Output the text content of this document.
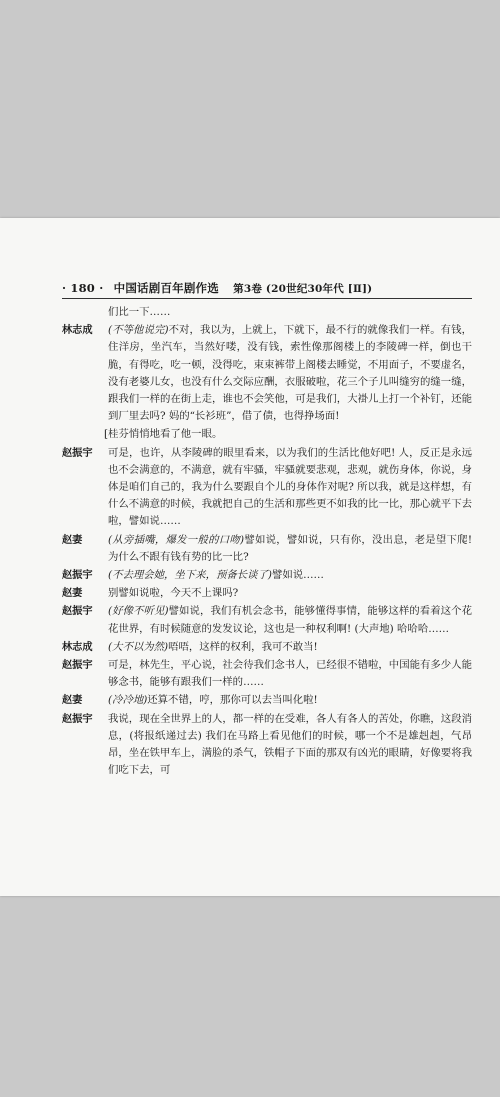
· 180 · 中国话剧百年剧作选 第3卷 (20世纪30年代 [Ⅱ])
们比一下……
林志成	(不等他说完)不对，我以为，上就上，下就下，最不行的就像我们一样。有钱，住洋房，坐汽车，当然好喽，没有钱，索性像那阁楼上的李陵碑一样，倒也干脆，有得吃，吃一顿，没得吃，束束裤带上阁楼去睡觉，不用面子，不要虚名，没有老婆儿女，也没有什么交际应酬，衣服破啦，花三个子儿叫缝穷的缝一缝，跟我们一样的在街上走，谁也不会笑他，可是我们，大褂儿上打一个补钉，还能到厂里去吗? 妈的“长衫班”，借了债，也得挣场面!
[桂芬悄悄地看了他一眼。
赵振宇	可是，也许，从李陵碑的眼里看来，以为我们的生活比他好吧! 人，反正是永远也不会满意的，不满意，就有牢骚，牢骚就要悲观，悲观，就伤身体，你说，身体是咱们自己的，我为什么要跟自个儿的身体作对呢? 所以我，就是这样想，有什么不满意的时候，我就把自己的生活和那些更不如我的比一比，那心就平下去啦，譬如说……
赵妻	(从旁插嘴，爆发一般的口吻)譬如说，譬如说，只有你，没出息，老是望下爬! 为什么不跟有钱有势的比一比?
赵振宇	(不去理会她，坐下来，预备长谈了)譬如说……
赵妻	别譬如说啦，今天不上课吗?
赵振宇	(好像不听见)譬如说，我们有机会念书，能够懂得事情，能够这样的看着这个花花世界，有时候随意的发发议论，这也是一种权利啊! (大声地) 哈哈哈……
林志成	(大不以为然)唔唔，这样的权利，我可不敢当!
赵振宇	可是，林先生，平心说，社会待我们念书人，已经很不错啦，中国能有多少人能够念书，能够有跟我们一样的……
赵妻	(冷冷地)还算不错，哼，那你可以去当叫化啦!
赵振宇	我说，现在全世界上的人，都一样的在受难，各人有各人的苦处，你瞧，这段消息，(将报纸递过去) 我们在马路上看见他们的时候，哪一个不是雄赳赳，气昂昂，坐在铁甲车上，满脸的杀气，铁帽子下面的那双有凶光的眼睛，好像要将我们吃下去，可
